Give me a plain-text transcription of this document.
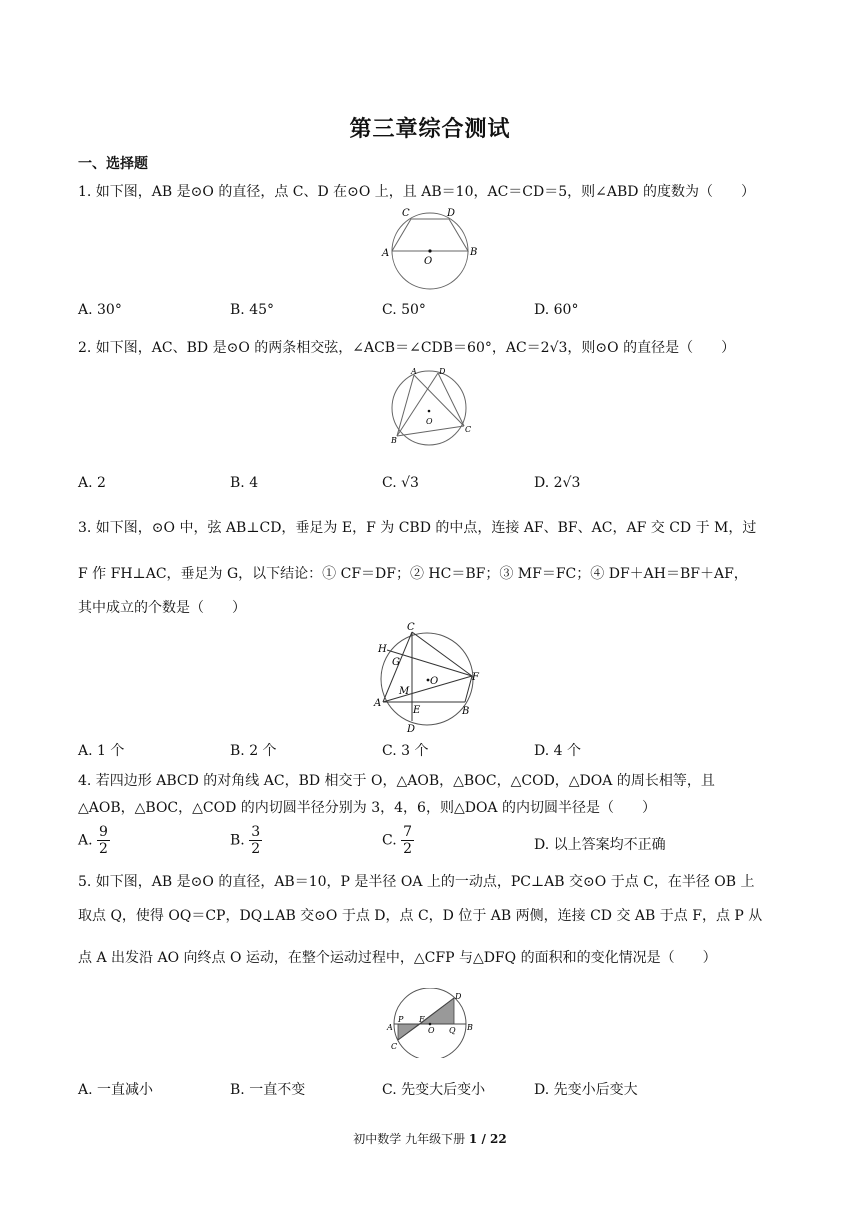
第三章综合测试
一、选择题
1. 如下图，AB 是⊙O 的直径，点 C、D 在⊙O 上，且 AB＝10，AC＝CD＝5，则∠ABD 的度数为（　　）
A	B
C	D
O
A. 30°	B. 45°	C. 50°	D. 60°
2. 如下图，AC、BD 是⊙O 的两条相交弦，∠ACB＝∠CDB＝60°，AC＝2√3，则⊙O 的直径是（　　）
A	D
B
C
O
A. 2	B. 4	C. √3	D. 2√3
3. 如下图，⊙O 中，弦 AB⊥CD，垂足为 E，F 为 CBD 的中点，连接 AF、BF、AC，AF 交 CD 于 M，过
F 作 FH⊥AC，垂足为 G，以下结论：① CF＝DF；② HC＝BF；③ MF＝FC；④ DF＋AH＝BF＋AF，
其中成立的个数是（　　）
C
H
G
O	F
M
A
E	B
D
A. 1 个	B. 2 个	C. 3 个	D. 4 个
4. 若四边形 ABCD 的对角线 AC，BD 相交于 O，△AOB，△BOC，△COD，△DOA 的周长相等，且
△AOB，△BOC，△COD 的内切圆半径分别为 3，4，6，则△DOA 的内切圆半径是（　　）
A. $\frac{9}{2}$	B. $\frac{3}{2}$	C. $\frac{7}{2}$	D. 以上答案均不正确
5. 如下图，AB 是⊙O 的直径，AB＝10，P 是半径 OA 上的一动点，PC⊥AB 交⊙O 于点 C，在半径 OB 上
取点 Q，使得 OQ＝CP，DQ⊥AB 交⊙O 于点 D，点 C，D 位于 AB 两侧，连接 CD 交 AB 于点 F，点 P 从
点 A 出发沿 AO 向终点 O 运动，在整个运动过程中，△CFP 与△DFQ 的面积和的变化情况是（　　）
A
P F
O Q B
D
C
A. 一直减小	B. 一直不变	C. 先变大后变小	D. 先变小后变大
初中数学 九年级下册 1 / 22
